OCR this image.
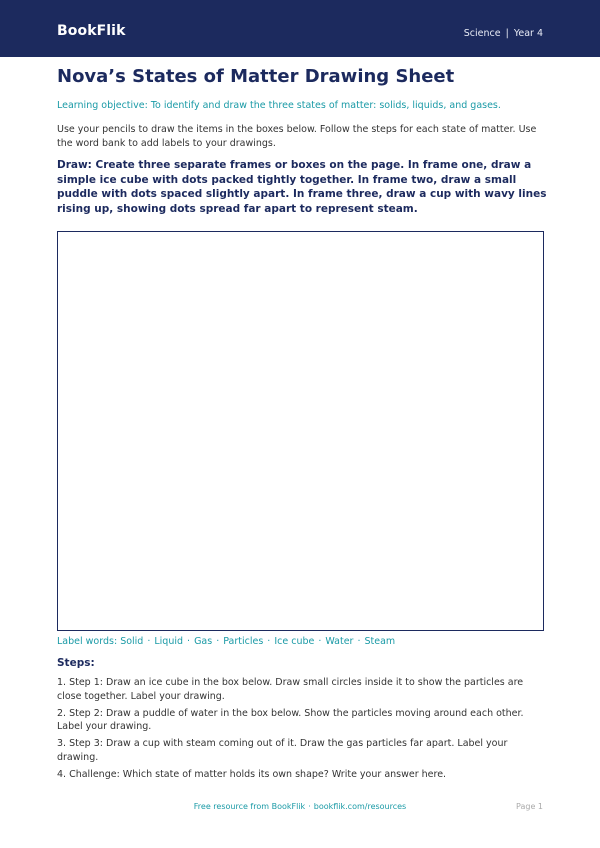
BookFlik	Science | Year 4
Nova’s States of Matter Drawing Sheet

Learning objective: To identify and draw the three states of matter: solids, liquids, and gases.

Use your pencils to draw the items in the boxes below. Follow the steps for each state of matter. Use the word bank to add labels to your drawings.

Draw: Create three separate frames or boxes on the page. In frame one, draw a simple ice cube with dots packed tightly together. In frame two, draw a small puddle with dots spaced slightly apart. In frame three, draw a cup with wavy lines rising up, showing dots spread far apart to represent steam.

Label words: Solid · Liquid · Gas · Particles · Ice cube · Water · Steam
Steps:
1. Step 1: Draw an ice cube in the box below. Draw small circles inside it to show the particles are close together. Label your drawing.
2. Step 2: Draw a puddle of water in the box below. Show the particles moving around each other. Label your drawing.
3. Step 3: Draw a cup with steam coming out of it. Draw the gas particles far apart. Label your drawing.
4. Challenge: Which state of matter holds its own shape? Write your answer here.
Free resource from BookFlik · bookflik.com/resources	Page 1
